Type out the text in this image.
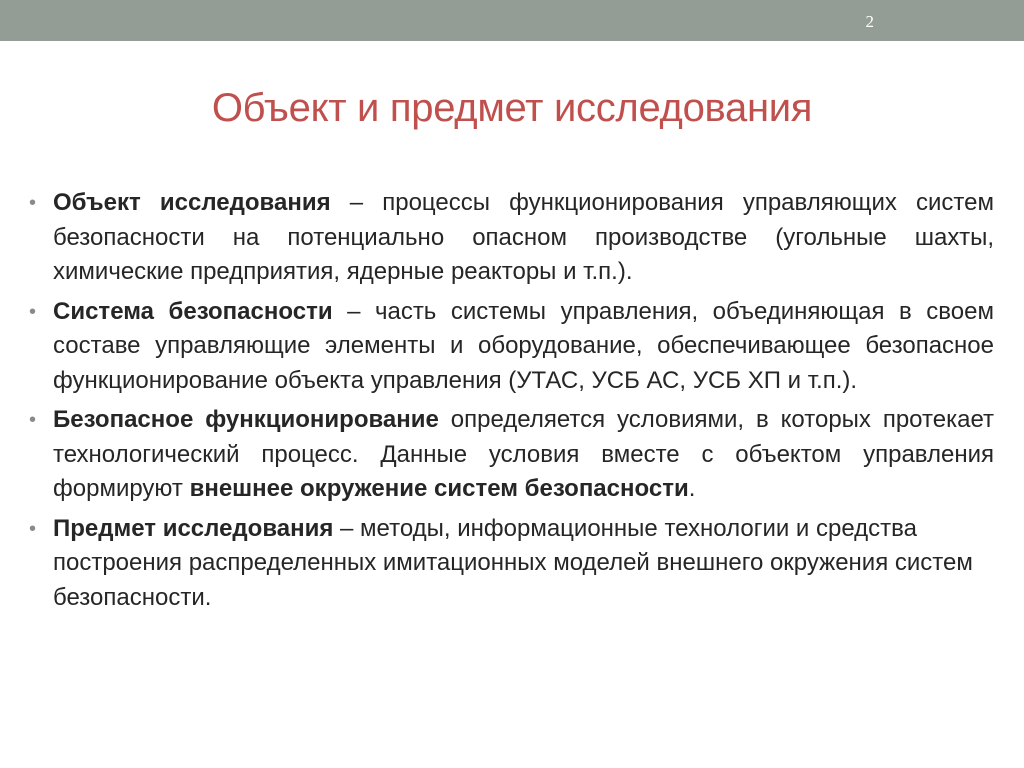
2
Объект и предмет исследования
• Объект исследования – процессы функционирования управляющих систем безопасности на потенциально опасном производстве (угольные шахты, химические предприятия, ядерные реакторы и т.п.).
• Система безопасности – часть системы управления, объединяющая в своем составе управляющие элементы и оборудование, обеспечивающее безопасное функционирование объекта управления (УТАС, УСБ АС, УСБ ХП и т.п.).
• Безопасное функционирование определяется условиями, в которых протекает технологический процесс. Данные условия вместе с объектом управления формируют внешнее окружение систем безопасности.
• Предмет исследования – методы, информационные технологии и средства построения распределенных имитационных моделей внешнего окружения систем безопасности.
